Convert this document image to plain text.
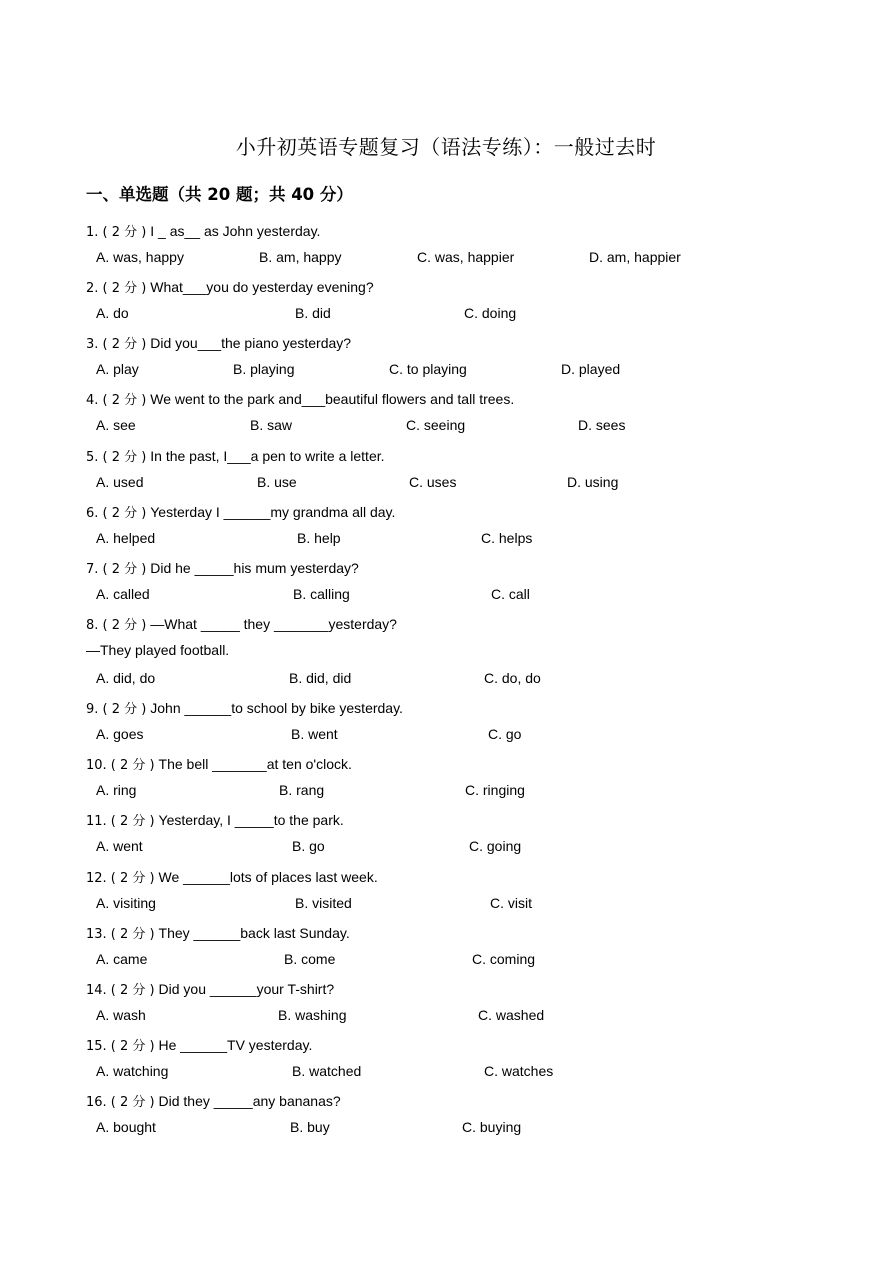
小升初英语专题复习（语法专练）：一般过去时
一、单选题（共 20 题；共 40 分）
1. ( 2 分 ) I _ as__ as John yesterday.
A. was, happy	B. am, happy	C. was, happier	D. am, happier
2. ( 2 分 ) What___you do yesterday evening?
A. do	B. did	C. doing
3. ( 2 分 ) Did you___the piano yesterday?
A. play	B. playing	C. to playing	D. played
4. ( 2 分 ) We went to the park and___beautiful flowers and tall trees.
A. see	B. saw	C. seeing	D. sees
5. ( 2 分 ) In the past, I___a pen to write a letter.
A. used	B. use	C. uses	D. using
6. ( 2 分 ) Yesterday I ______my grandma all day.
A. helped	B. help	C. helps
7. ( 2 分 ) Did he _____his mum yesterday?
A. called	B. calling	C. call
8. ( 2 分 ) —What _____ they _______yesterday?
—They played football.
A. did, do	B. did, did	C. do, do
9. ( 2 分 ) John ______to school by bike yesterday.
A. goes	B. went	C. go
10. ( 2 分 ) The bell _______at ten o'clock.
A. ring	B. rang	C. ringing
11. ( 2 分 ) Yesterday, I _____to the park.
A. went	B. go	C. going
12. ( 2 分 ) We ______lots of places last week.
A. visiting	B. visited	C. visit
13. ( 2 分 ) They ______back last Sunday.
A. came	B. come	C. coming
14. ( 2 分 ) Did you ______your T-shirt?
A. wash	B. washing	C. washed
15. ( 2 分 ) He ______TV yesterday.
A. watching	B. watched	C. watches
16. ( 2 分 ) Did they _____any bananas?
A. bought	B. buy	C. buying
